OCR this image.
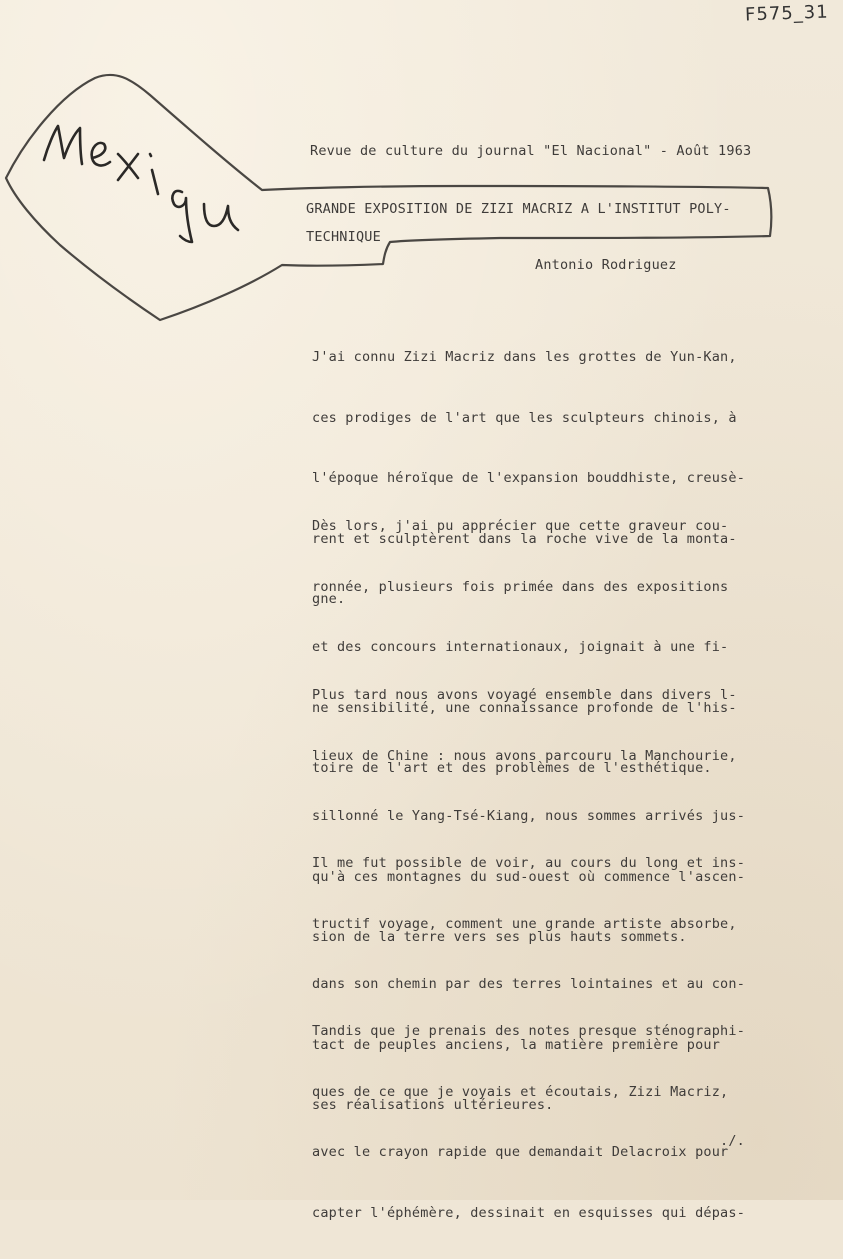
F575_31
Revue de culture du journal "El Nacional" - Août 1963
GRANDE EXPOSITION DE ZIZI MACRIZ A L'INSTITUT POLY-
TECHNIQUE
Antonio Rodriguez

J'ai connu Zizi Macriz dans les grottes de Yun-Kan,

ces prodiges de l'art que les sculpteurs chinois, à

l'époque héroïque de l'expansion bouddhiste, creusè-

rent et sculptèrent dans la roche vive de la monta-

gne.

Dès lors, j'ai pu apprécier que cette graveur cou-

ronnée, plusieurs fois primée dans des expositions

et des concours internationaux, joignait à une fi-

ne sensibilité, une connaissance profonde de l'his-

toire de l'art et des problèmes de l'esthétique.

Plus tard nous avons voyagé ensemble dans divers l-

lieux de Chine : nous avons parcouru la Manchourie,

sillonné le Yang-Tsé-Kiang, nous sommes arrivés jus-

qu'à ces montagnes du sud-ouest où commence l'ascen-

sion de la terre vers ses plus hauts sommets.

Il me fut possible de voir, au cours du long et ins-

tructif voyage, comment une grande artiste absorbe,

dans son chemin par des terres lointaines et au con-

tact de peuples anciens, la matière première pour

ses réalisations ultérieures.

Tandis que je prenais des notes presque sténographi-

ques de ce que je voyais et écoutais, Zizi Macriz,

avec le crayon rapide que demandait Delacroix pour

capter l'éphémère, dessinait en esquisses qui dépas-

./.
